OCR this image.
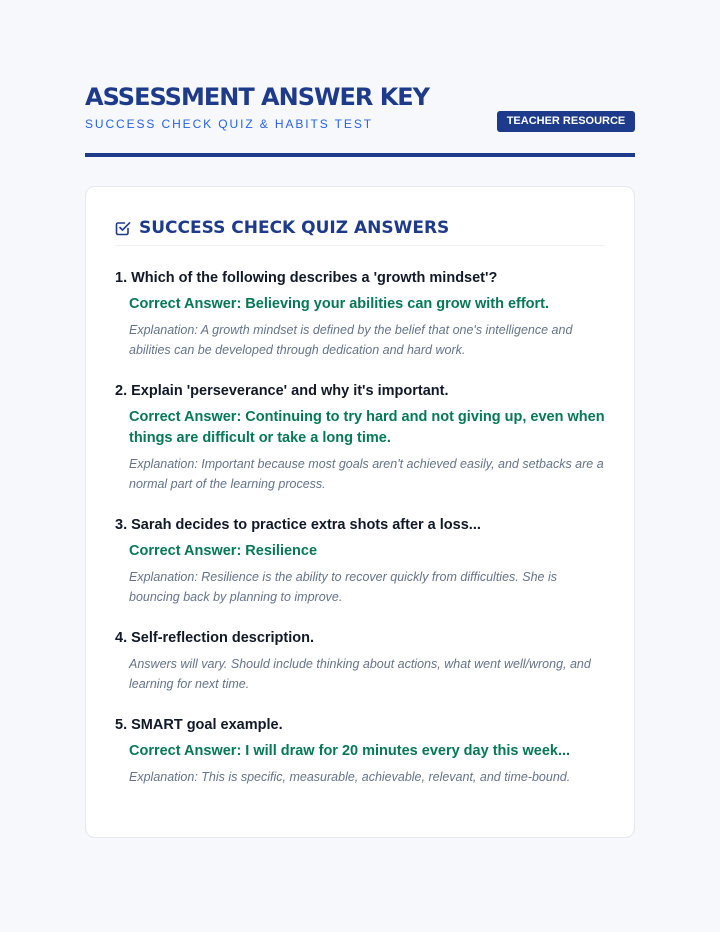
ASSESSMENT ANSWER KEY
SUCCESS CHECK QUIZ & HABITS TEST	TEACHER RESOURCE
SUCCESS CHECK QUIZ ANSWERS
1. Which of the following describes a 'growth mindset'?
Correct Answer: Believing your abilities can grow with effort.
Explanation: A growth mindset is defined by the belief that one's intelligence and abilities can be developed through dedication and hard work.
2. Explain 'perseverance' and why it's important.
Correct Answer: Continuing to try hard and not giving up, even when things are difficult or take a long time.
Explanation: Important because most goals aren't achieved easily, and setbacks are a normal part of the learning process.
3. Sarah decides to practice extra shots after a loss...
Correct Answer: Resilience
Explanation: Resilience is the ability to recover quickly from difficulties. She is bouncing back by planning to improve.
4. Self-reflection description.
Answers will vary. Should include thinking about actions, what went well/wrong, and learning for next time.
5. SMART goal example.
Correct Answer: I will draw for 20 minutes every day this week...
Explanation: This is specific, measurable, achievable, relevant, and time-bound.
